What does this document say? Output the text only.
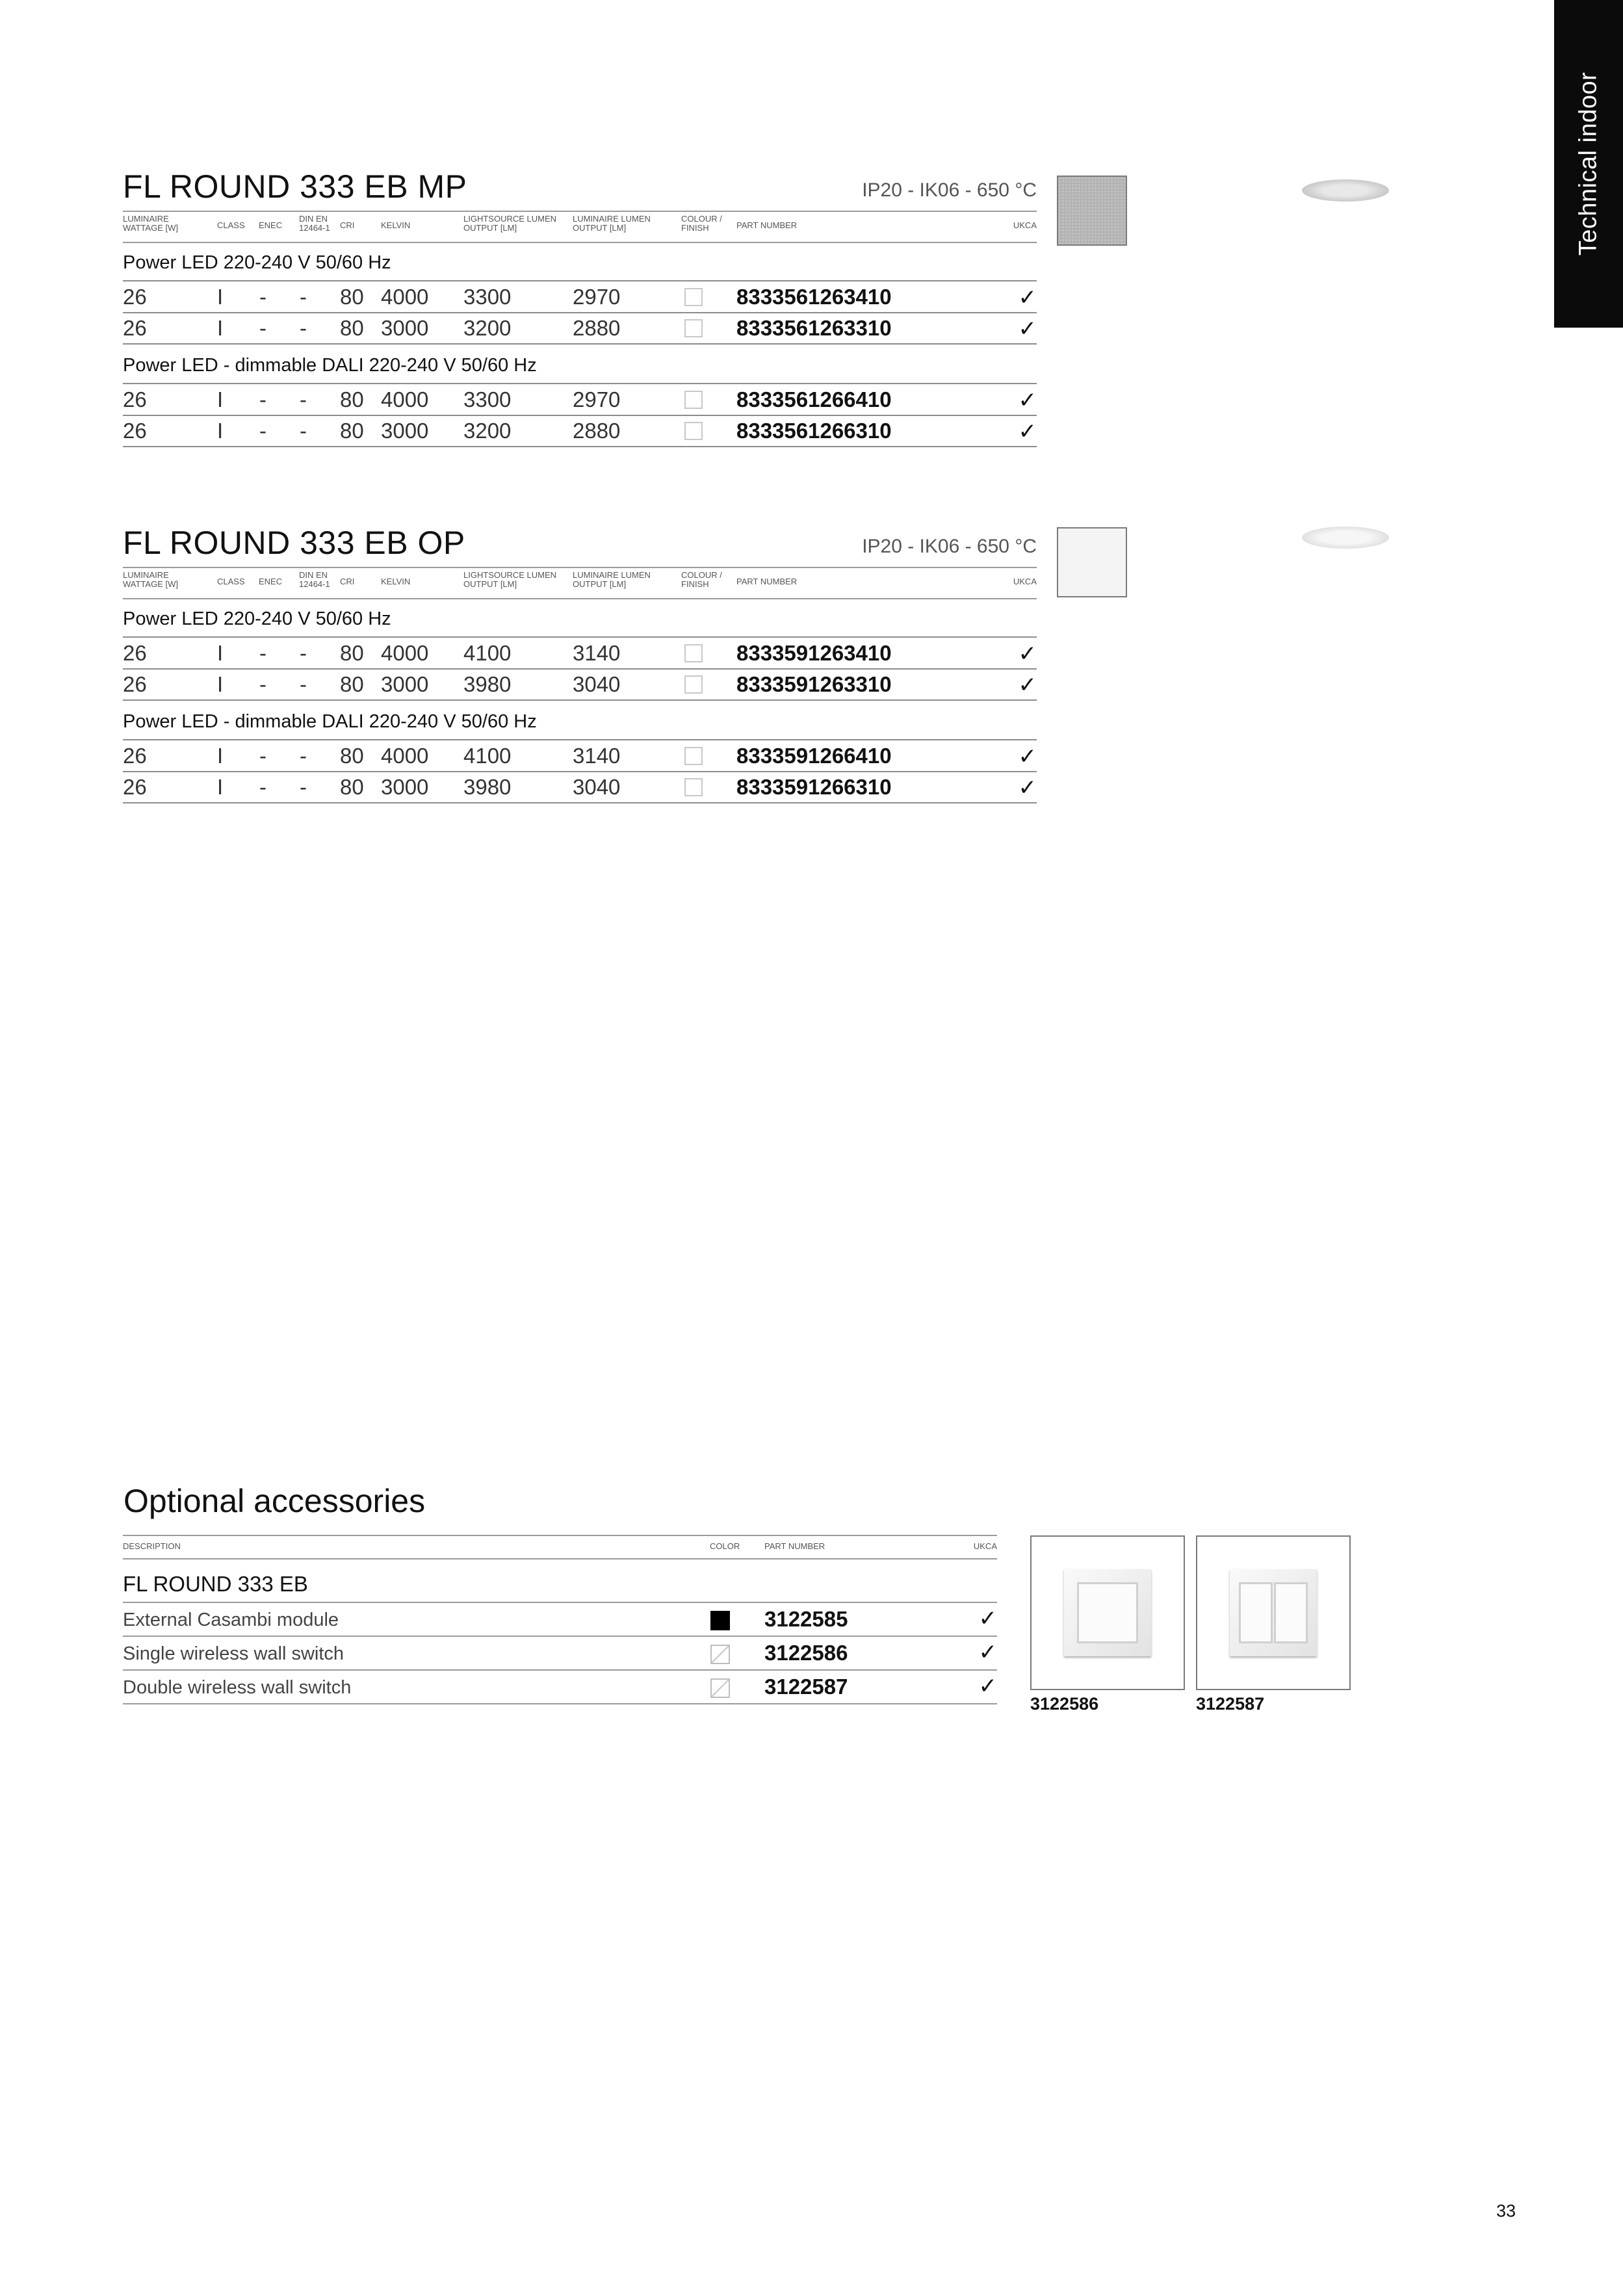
Technical indoor
FL ROUND 333 EB MP	IP20 - IK06 - 650 °C
LUMINAIRE
WATTAGE [W]	CLASS ENEC
DIN EN
12464-1 CRI	KELVIN
LIGHTSOURCE LUMEN
OUTPUT [LM]
LUMINAIRE LUMEN
OUTPUT [LM]
COLOUR /
FINISH	PART NUMBER	UKCA
Power LED 220-240 V 50/60 Hz
26	I - - 80 4000 3300	2970	8333561263410	✓
26	I - - 80 3000 3200	2880	8333561263310	✓
Power LED - dimmable DALI 220-240 V 50/60 Hz
26	I - - 80 4000 3300	2970	8333561266410	✓
26	I - - 80 3000 3200	2880	8333561266310	✓
FL ROUND 333 EB OP	IP20 - IK06 - 650 °C
LUMINAIRE
WATTAGE [W]	CLASS ENEC
DIN EN
12464-1 CRI	KELVIN
LIGHTSOURCE LUMEN
OUTPUT [LM]
LUMINAIRE LUMEN
OUTPUT [LM]
COLOUR /
FINISH	PART NUMBER	UKCA
Power LED 220-240 V 50/60 Hz
26	I - - 80 4000 4100	3140	8333591263410	✓
26	I - - 80 3000 3980	3040	8333591263310	✓
Power LED - dimmable DALI 220-240 V 50/60 Hz
26	I - - 80 4000 4100	3140	8333591266410	✓
26	I - - 80 3000 3980	3040	8333591266310	✓
Optional accessories
DESCRIPTION	COLOR	PART NUMBER	UKCA
FL ROUND 333 EB
External Casambi module	3122585	✓
Single wireless wall switch	3122586	✓
Double wireless wall switch	3122587	✓
3122586	3122587
33
